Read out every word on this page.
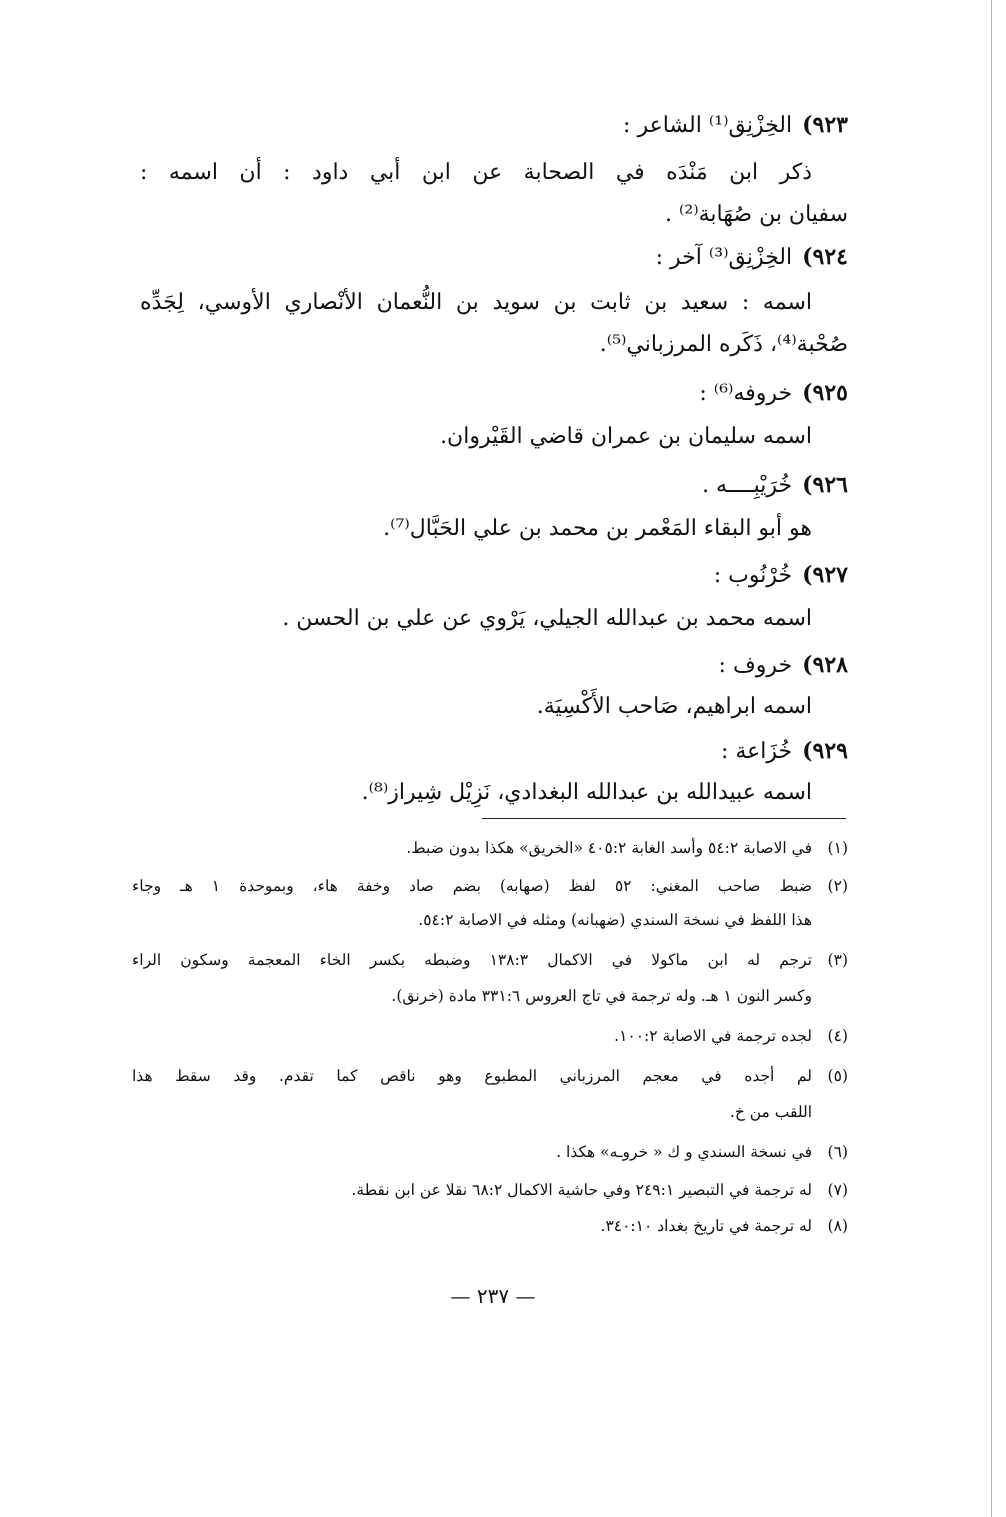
٩٢٣)الخِزْنِق⁽¹⁾ الشاعر :
ذكر ابن مَنْدَه في الصحابة عن ابن أبي داود : أن اسمه :
سفيان بن صُهَابة⁽²⁾ .
٩٢٤)الخِزْنِق⁽³⁾ آخر :
اسمه : سعيد بن ثابت بن سويد بن النُّعمان الأنْصاري الأوسي، لِجَدِّه
صُحْبة⁽⁴⁾، ذَكَره المرزباني⁽⁵⁾.
٩٢٥)خروفه⁽⁶⁾ :
اسمه سليمان بن عمران قاضي القَيْروان.
٩٢٦)خُرَيْبِــــه .
هو أبو البقاء المَعْمر بن محمد بن علي الحَبَّال⁽⁷⁾.
٩٢٧)خُرْنُوب :
اسمه محمد بن عبدالله الجيلي، يَرْوي عن علي بن الحسن .
٩٢٨)خروف :
اسمه ابراهيم، صَاحب الأَكْسِيَة.
٩٢٩)خُزَاعة :
اسمه عبيدالله بن عبدالله البغدادي، نَزِيْل شِيراز⁽⁸⁾.
(١)
في الاصابة ٥٤:٢ وأسد الغابة ٤٠٥:٢ «الخريق» هكذا بدون ضبط.
(٢)
ضبط صاحب المغني: ٥٢ لفظ (صهابه) بضم صاد وخفة هاء، وبموحدة ١ هـ وجاء
هذا اللفظ في نسخة السندي (ضهبانه) ومثله في الاصابة ٥٤:٢.
(٣)
ترجم له ابن ماكولا في الاكمال ١٣٨:٣ وضبطه بكسر الخاء المعجمة وسكون الراء
وكسر النون ١ هـ. وله ترجمة في تاج العروس ٣٣١:٦ مادة (خرنق).
(٤)
لجده ترجمة في الاصابة ١٠٠:٢.
(٥)
لم أجده في معجم المرزباني المطبوع وهو ناقص كما تقدم. وقد سقط هذا
اللقب من خ.
(٦)
في نسخة السندي و ك « خروـه» هكذا .
(٧)
له ترجمة في التبصير ٢٤٩:١ وفي حاشية الاكمال ٦٨:٢ نقلا عن ابن نقطة.
(٨)
له ترجمة في تاريخ بغداد ٣٤٠:١٠.
— ٢٣٧ —
